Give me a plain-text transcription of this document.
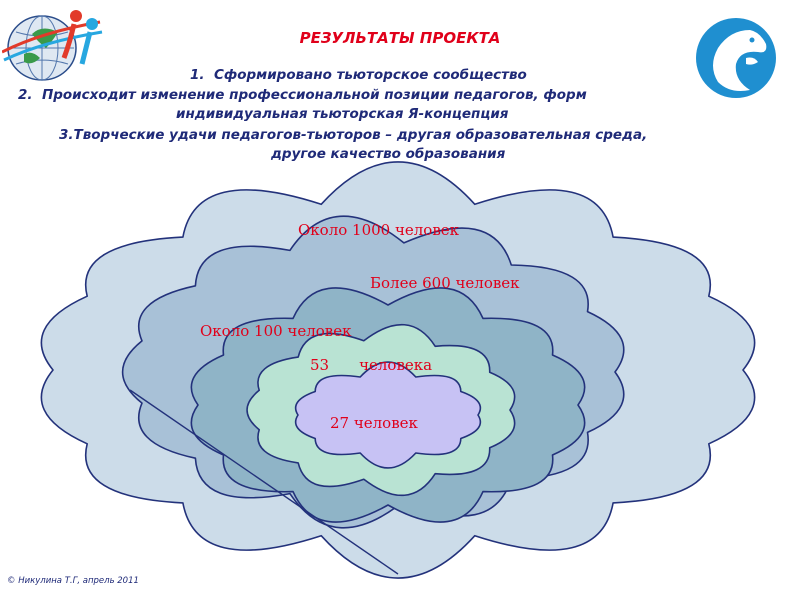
РЕЗУЛЬТАТЫ ПРОЕКТА
1. Сформировано тьюторское сообщество
2. Происходит изменение профессиональной позиции педагогов, форм
индивидуальная тьюторская Я-концепция
3.Творческие удачи педагогов-тьюторов – другая образовательная среда,
другое качество образования
Около 1000 человек
Более 600 человек
Около 100 человек
53 человека
27 человек
© Никулина Т.Г, апрель 2011
